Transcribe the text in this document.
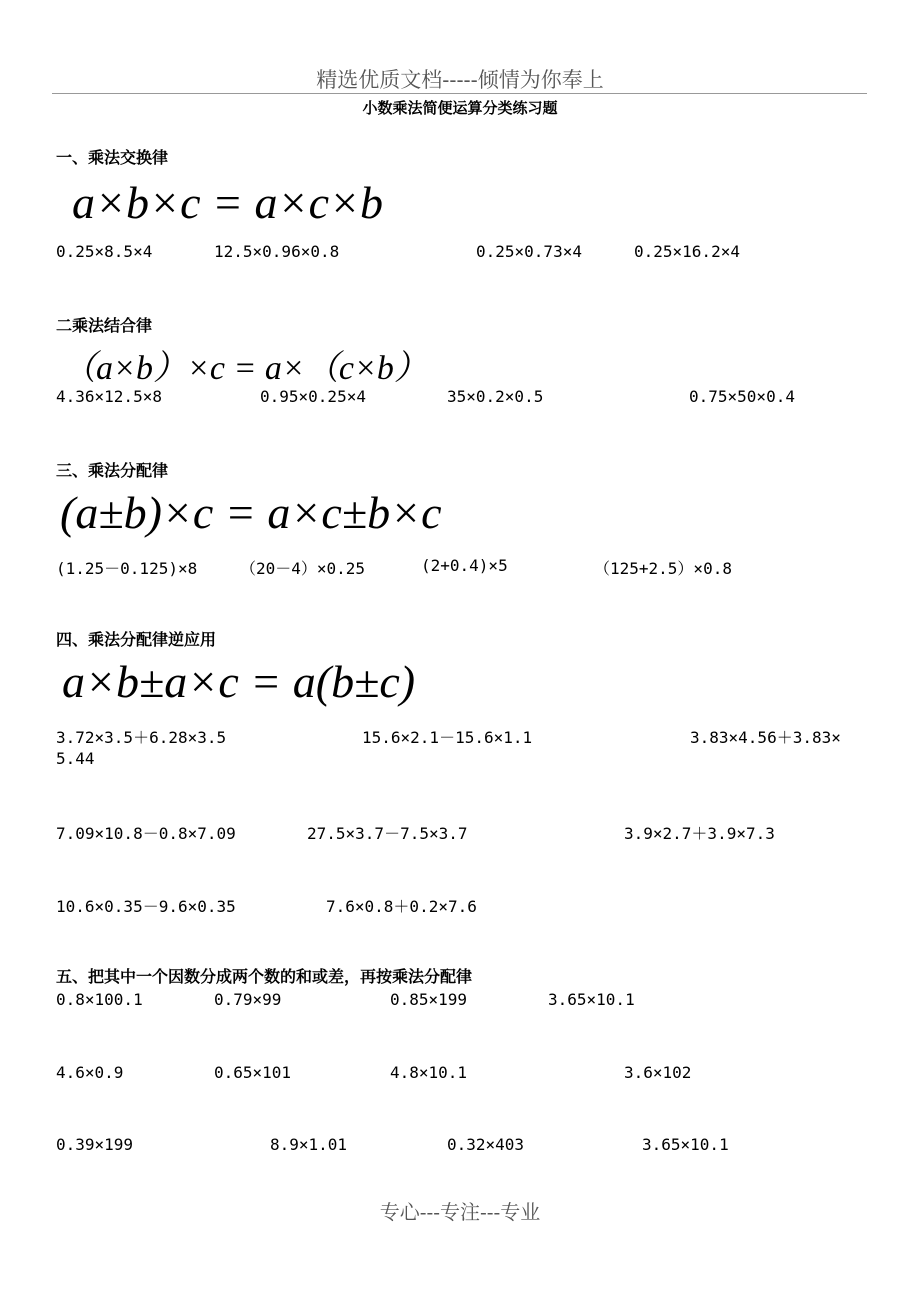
精选优质文档-----倾情为你奉上
小数乘法简便运算分类练习题
一、乘法交换律
a×b×c = a×c×b
0.25×8.5×4	12.5×0.96×0.8	0.25×0.73×4	0.25×16.2×4
二乘法结合律
（a×b）×c = a×（c×b）
4.36×12.5×8	0.95×0.25×4	35×0.2×0.5	0.75×50×0.4
三、乘法分配律
(a±b)×c = a×c±b×c
(1.25－0.125)×8	（20－4）×0.25	(2+0.4)×5	（125+2.5）×0.8
四、乘法分配律逆应用
a×b±a×c = a(b±c)
3.72×3.5＋6.28×3.5	15.6×2.1－15.6×1.1	3.83×4.56＋3.83×
5.44
7.09×10.8－0.8×7.09	27.5×3.7－7.5×3.7	3.9×2.7＋3.9×7.3
10.6×0.35－9.6×0.35	7.6×0.8＋0.2×7.6
五、把其中一个因数分成两个数的和或差，再按乘法分配律
0.8×100.1	0.79×99	0.85×199	3.65×10.1
4.6×0.9	0.65×101	4.8×10.1	3.6×102
0.39×199	8.9×1.01	0.32×403	3.65×10.1
专心---专注---专业
